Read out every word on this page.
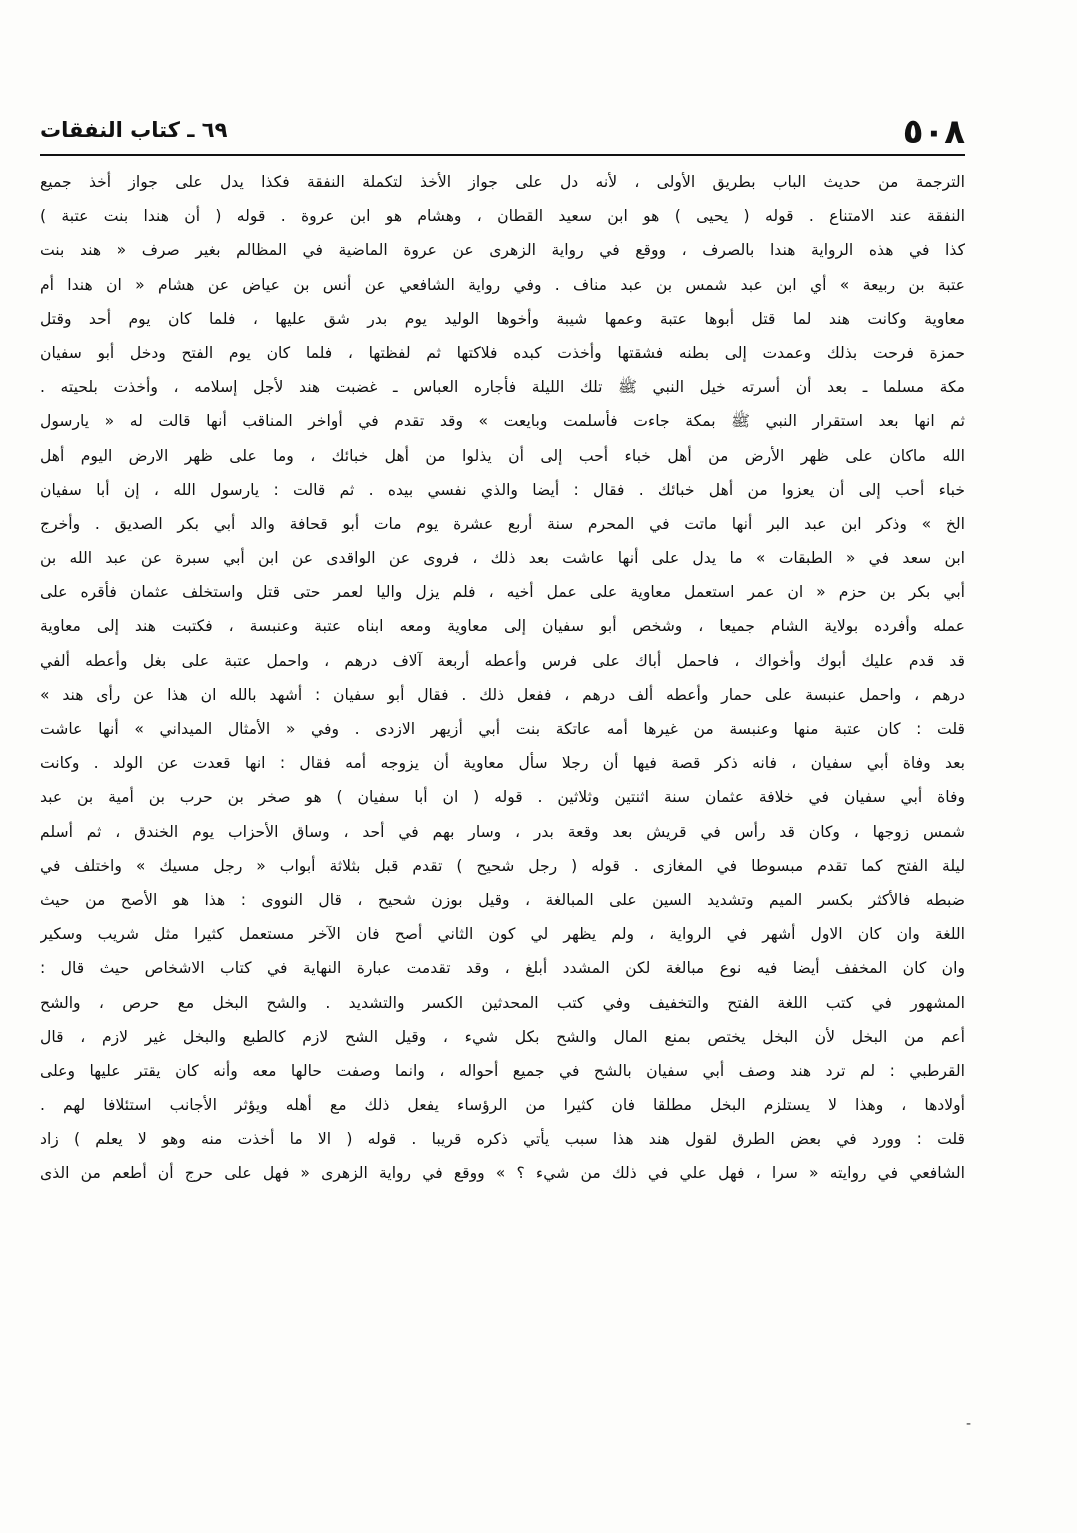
٥٠٨
٦٩ ـ كتاب النفقات
الترجمة من حديث الباب بطريق الأولى ، لأنه دل على جواز الأخذ لتكملة النفقة فكذا يدل على جواز أخذ جميع
النفقة عند الامتناع . قوله ( يحيى ) هو ابن سعيد القطان ، وهشام هو ابن عروة . قوله ( أن هندا بنت عتبة )
كذا في هذه الرواية هندا بالصرف ، ووقع في رواية الزهرى عن عروة الماضية في المظالم بغير صرف « هند بنت
عتبة بن ربيعة » أي ابن عبد شمس بن عبد مناف . وفي رواية الشافعي عن أنس بن عياض عن هشام « ان هندا أم
معاوية وكانت هند لما قتل أبوها عتبة وعمها شيبة وأخوها الوليد يوم بدر شق عليها ، فلما كان يوم أحد وقتل
حمزة فرحت بذلك وعمدت إلى بطنه فشقتها وأخذت كبده فلاكتها ثم لفظتها ، فلما كان يوم الفتح ودخل أبو سفيان
مكة مسلما ـ بعد أن أسرته خيل النبي ﷺ تلك الليلة فأجاره العباس ـ غضبت هند لأجل إسلامه ، وأخذت بلحيته .
ثم انها بعد استقرار النبي ﷺ بمكة جاءت فأسلمت وبايعت » وقد تقدم في أواخر المناقب أنها قالت له « يارسول
الله ماكان على ظهر الأرض من أهل خباء أحب إلى أن يذلوا من أهل خبائك ، وما على ظهر الارض اليوم أهل
خباء أحب إلى أن يعزوا من أهل خبائك . فقال : أيضا والذي نفسي بيده . ثم قالت : يارسول الله ، إن أبا سفيان
الخ » وذكر ابن عبد البر أنها ماتت في المحرم سنة أربع عشرة يوم مات أبو قحافة والد أبي بكر الصديق . وأخرج
ابن سعد في « الطبقات » ما يدل على أنها عاشت بعد ذلك ، فروى عن الواقدى عن ابن أبي سبرة عن عبد الله بن
أبي بكر بن حزم « ان عمر استعمل معاوية على عمل أخيه ، فلم يزل واليا لعمر حتى قتل واستخلف عثمان فأقره على
عمله وأفرده بولاية الشام جميعا ، وشخص أبو سفيان إلى معاوية ومعه ابناه عتبة وعنبسة ، فكتبت هند إلى معاوية
قد قدم عليك أبوك وأخواك ، فاحمل أباك على فرس وأعطه أربعة آلاف درهم ، واحمل عتبة على بغل وأعطه ألفي
درهم ، واحمل عنبسة على حمار وأعطه ألف درهم ، ففعل ذلك . فقال أبو سفيان : أشهد بالله ان هذا عن رأى هند »
قلت : كان عتبة منها وعنبسة من غيرها أمه عاتكة بنت أبي أزيهر الازدى . وفي « الأمثال الميداني » أنها عاشت
بعد وفاة أبي سفيان ، فانه ذكر قصة فيها أن رجلا سأل معاوية أن يزوجه أمه فقال : انها قعدت عن الولد . وكانت
وفاة أبي سفيان في خلافة عثمان سنة اثنتين وثلاثين . قوله ( ان أبا سفيان ) هو صخر بن حرب بن أمية بن عبد
شمس زوجها ، وكان قد رأس في قريش بعد وقعة بدر ، وسار بهم في أحد ، وساق الأحزاب يوم الخندق ، ثم أسلم
ليلة الفتح كما تقدم مبسوطا في المغازى . قوله ( رجل شحيح ) تقدم قبل بثلاثة أبواب « رجل مسيك » واختلف في
ضبطه فالأكثر بكسر الميم وتشديد السين على المبالغة ، وقيل بوزن شحيح ، قال النووى : هذا هو الأصح من حيث
اللغة وان كان الاول أشهر في الرواية ، ولم يظهر لي كون الثاني أصح فان الآخر مستعمل كثيرا مثل شريب وسكير
وان كان المخفف أيضا فيه نوع مبالغة لكن المشدد أبلغ ، وقد تقدمت عبارة النهاية في كتاب الاشخاص حيث قال :
المشهور في كتب اللغة الفتح والتخفيف وفي كتب المحدثين الكسر والتشديد . والشح البخل مع حرص ، والشح
أعم من البخل لأن البخل يختص بمنع المال والشح بكل شيء ، وقيل الشح لازم كالطبع والبخل غير لازم ، قال
القرطبي : لم ترد هند وصف أبي سفيان بالشح في جميع أحواله ، وانما وصفت حالها معه وأنه كان يقتر عليها وعلى
أولادها ، وهذا لا يستلزم البخل مطلقا فان كثيرا من الرؤساء يفعل ذلك مع أهله ويؤثر الأجانب استئلافا لهم .
قلت : وورد في بعض الطرق لقول هند هذا سبب يأتي ذكره قريبا . قوله ( الا ما أخذت منه وهو لا يعلم ) زاد
الشافعي في روايته « سرا ، فهل علي في ذلك من شيء ؟ » ووقع في رواية الزهرى « فهل على حرج أن أطعم من الذى
-
